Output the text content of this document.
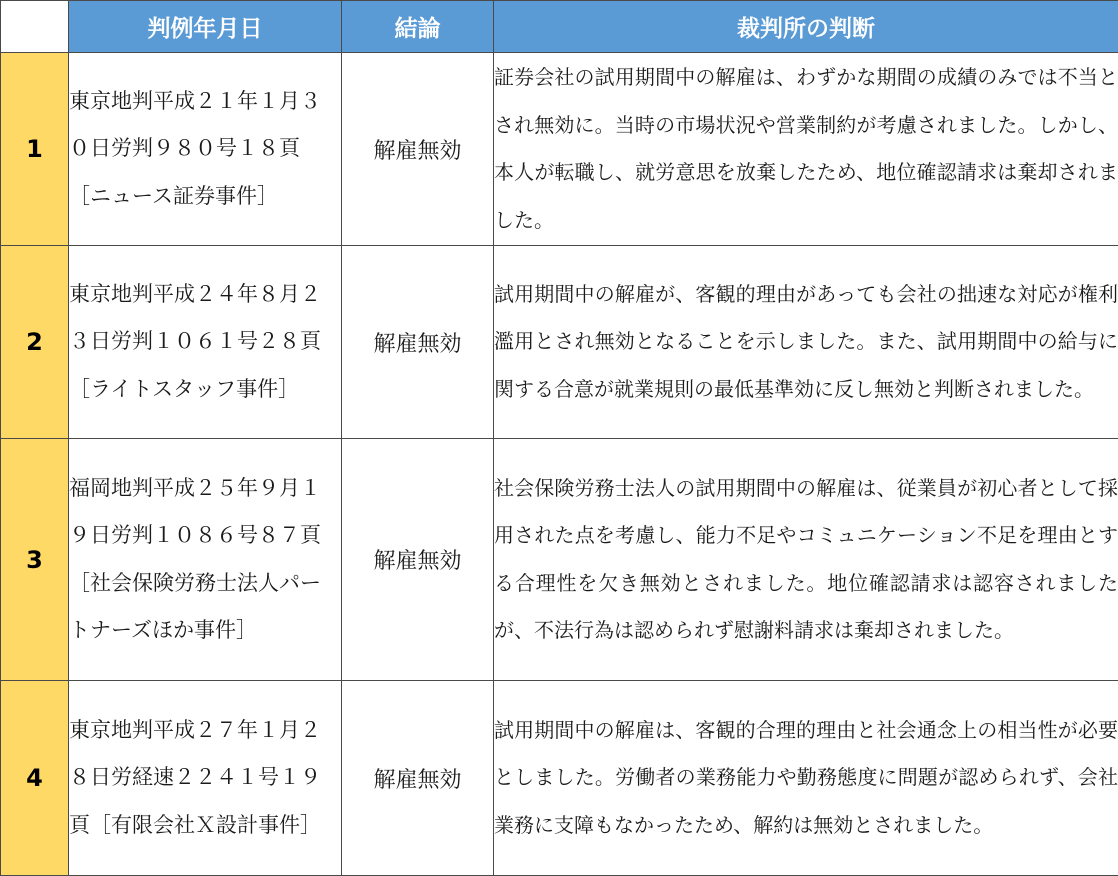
	判例年月日	結論	裁判所の判断
1	東京地判平成２１年１月３０日労判９８０号１８頁［ニュース証券事件］	解雇無効	証券会社の試用期間中の解雇は、わずかな期間の成績のみでは不当とされ無効に。当時の市場状況や営業制約が考慮されました。しかし、本人が転職し、就労意思を放棄したため、地位確認請求は棄却されました。
2	東京地判平成２４年８月２３日労判１０６１号２８頁［ライトスタッフ事件］	解雇無効	試用期間中の解雇が、客観的理由があっても会社の拙速な対応が権利濫用とされ無効となることを示しました。また、試用期間中の給与に関する合意が就業規則の最低基準効に反し無効と判断されました。
3	福岡地判平成２５年９月１９日労判１０８６号８７頁［社会保険労務士法人パートナーズほか事件］	解雇無効	社会保険労務士法人の試用期間中の解雇は、従業員が初心者として採用された点を考慮し、能力不足やコミュニケーション不足を理由とする合理性を欠き無効とされました。地位確認請求は認容されましたが、不法行為は認められず慰謝料請求は棄却されました。
4	東京地判平成２７年１月２８日労経速２２４１号１９頁［有限会社Ｘ設計事件］	解雇無効	試用期間中の解雇は、客観的合理的理由と社会通念上の相当性が必要としました。労働者の業務能力や勤務態度に問題が認められず、会社業務に支障もなかったため、解約は無効とされました。
